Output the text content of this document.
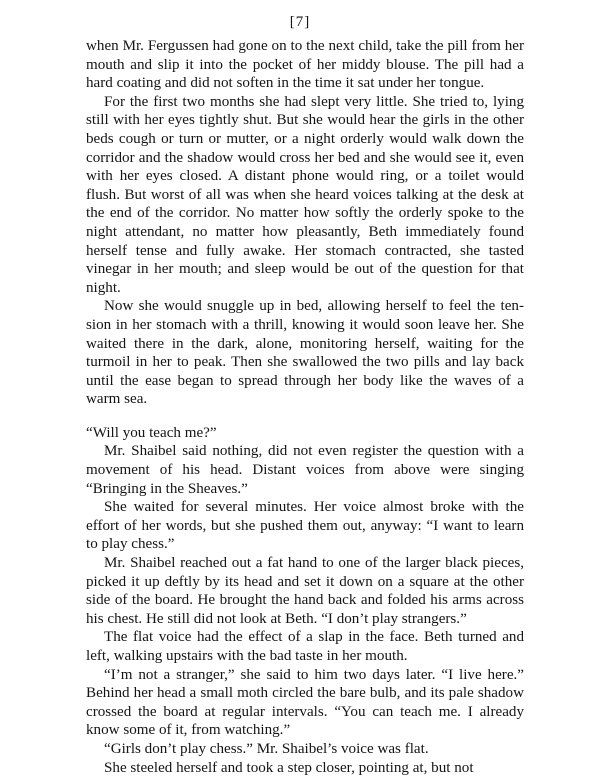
[7]

when Mr. Fergussen had gone on to the next child, take the pill from her mouth and slip it into the pocket of her middy blouse. The pill had a hard coating and did not soften in the time it sat under her tongue.

For the first two months she had slept very little. She tried to, lying still with her eyes tightly shut. But she would hear the girls in the other beds cough or turn or mutter, or a night orderly would walk down the corridor and the shadow would cross her bed and she would see it, even with her eyes closed. A distant phone would ring, or a toilet would flush. But worst of all was when she heard voices talking at the desk at the end of the corridor. No matter how softly the orderly spoke to the night attendant, no matter how pleasantly, Beth immediately found herself tense and fully awake. Her stomach contracted, she tasted vinegar in her mouth; and sleep would be out of the question for that night.

Now she would snuggle up in bed, allowing herself to feel the ten-sion in her stomach with a thrill, knowing it would soon leave her. She waited there in the dark, alone, monitoring herself, waiting for the turmoil in her to peak. Then she swallowed the two pills and lay back until the ease began to spread through her body like the waves of a warm sea.

“Will you teach me?”

Mr. Shaibel said nothing, did not even register the question with a movement of his head. Distant voices from above were singing “Bringing in the Sheaves.”

She waited for several minutes. Her voice almost broke with the effort of her words, but she pushed them out, anyway: “I want to learn to play chess.”

Mr. Shaibel reached out a fat hand to one of the larger black pieces, picked it up deftly by its head and set it down on a square at the other side of the board. He brought the hand back and folded his arms across his chest. He still did not look at Beth. “I don’t play strangers.”

The flat voice had the effect of a slap in the face. Beth turned and left, walking upstairs with the bad taste in her mouth.

“I’m not a stranger,” she said to him two days later. “I live here.” Behind her head a small moth circled the bare bulb, and its pale shadow crossed the board at regular intervals. “You can teach me. I already know some of it, from watching.”

“Girls don’t play chess.” Mr. Shaibel’s voice was flat.

She steeled herself and took a step closer, pointing at, but not
